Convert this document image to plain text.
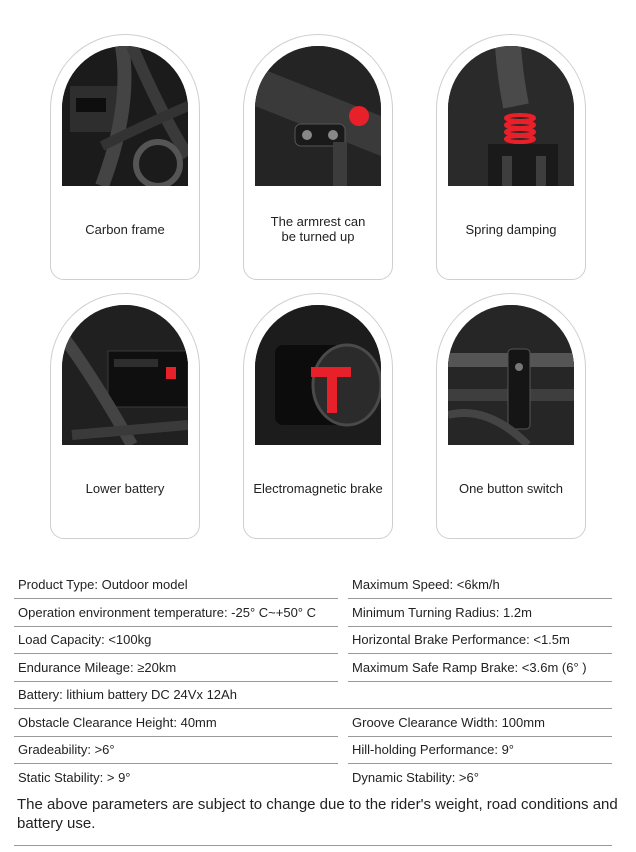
Carbon frame	The armrest can
be turned up	Spring damping
Lower battery	Electromagnetic brake	One button switch
Product Type: Outdoor model	Maximum Speed: <6km/h
Operation environment temperature: -25° C~+50° C	Minimum Turning Radius: 1.2m
Load Capacity: <100kg	Horizontal Brake Performance: <1.5m
Endurance Mileage: ≥20km	Maximum Safe Ramp Brake: <3.6m (6° )
Battery: lithium battery DC 24Vx 12Ah
Obstacle Clearance Height: 40mm	Groove Clearance Width: 100mm
Gradeability: >6°	Hill-holding Performance: 9°
Static Stability: > 9°	Dynamic Stability: >6°
The above parameters are subject to change due to the rider's weight, road conditions and battery use.
